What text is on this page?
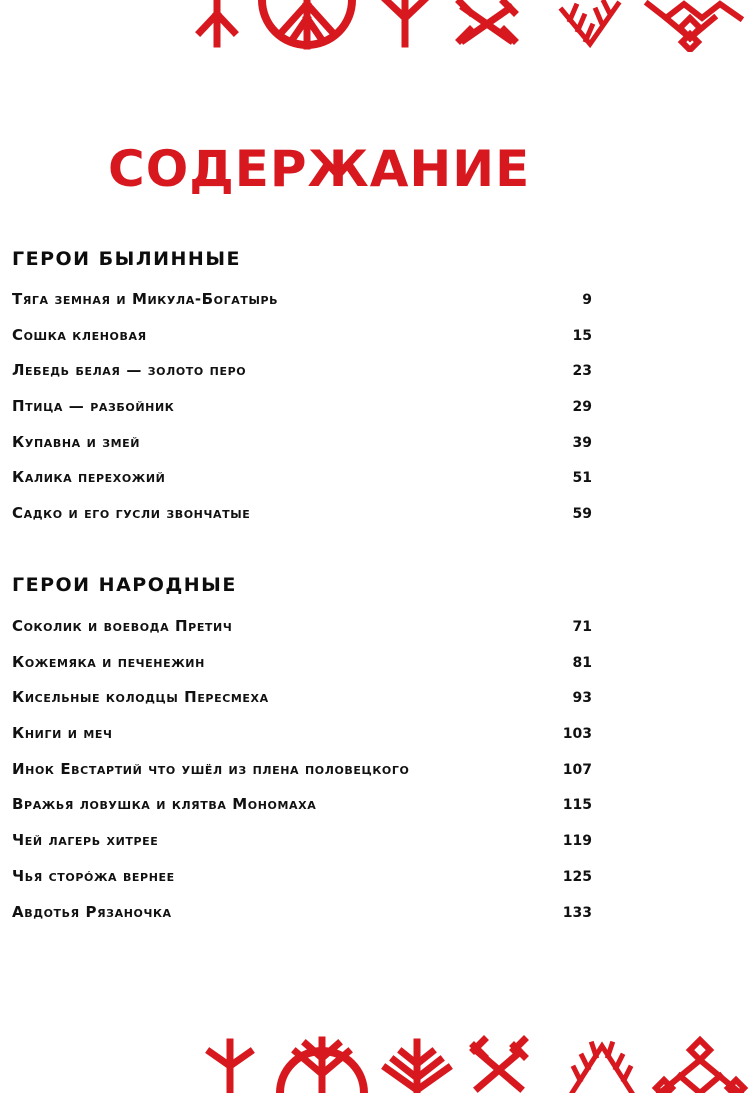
СОДЕРЖАНИЕ
ГЕРОИ БЫЛИННЫЕ
Тяга земная и Микула-Богатырь	9
Сошка кленовая	15
Лебедь белая — золото перо	23
Птица — разбойник	29
Купавна и змей	39
Калика перехожий	51
Садко и его гусли звончатые	59
ГЕРОИ НАРОДНЫЕ
Соколик и воевода Претич	71
Кожемяка и печенежин	81
Кисельные колодцы Пересмеха	93
Книги и меч	103
Инок Евстартий что ушёл из плена половецкого	107
Вражья ловушка и клятва Мономаха	115
Чей лагерь хитрее	119
Чья сторóжа вернее	125
Авдотья Рязаночка	133
